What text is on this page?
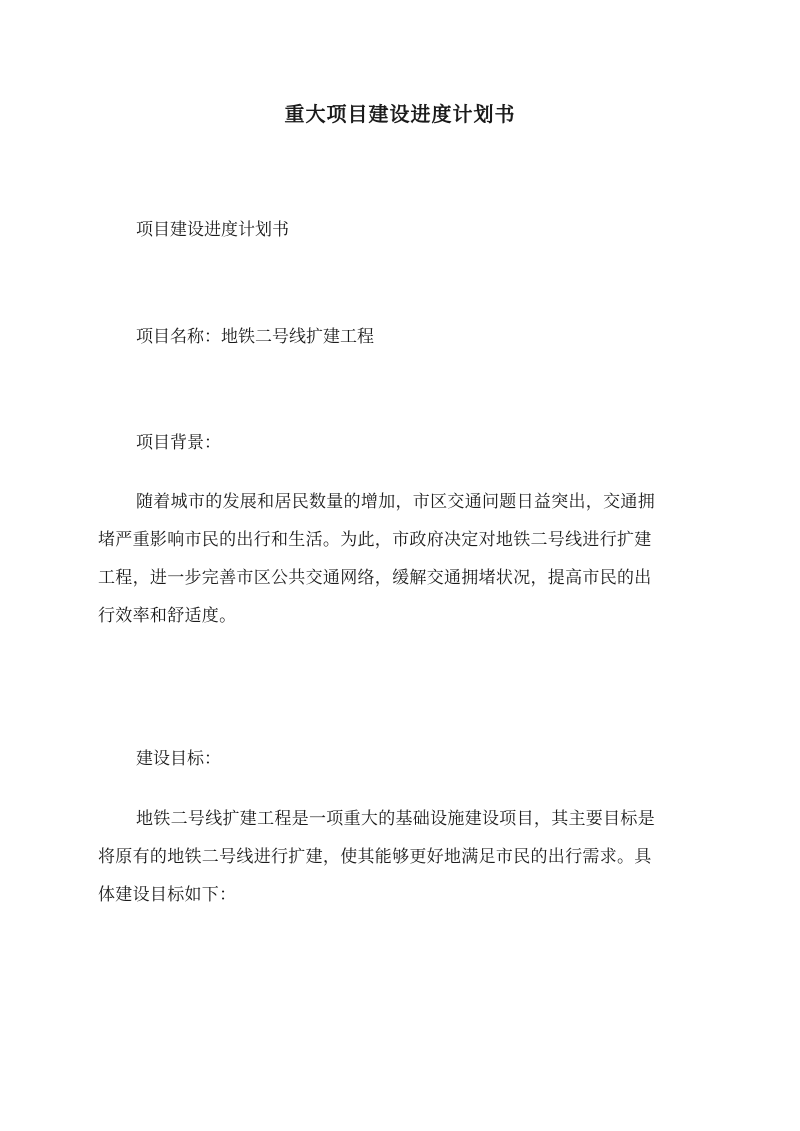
重大项目建设进度计划书

项目建设进度计划书

项目名称：地铁二号线扩建工程

项目背景：

随着城市的发展和居民数量的增加，市区交通问题日益突出，交通拥
堵严重影响市民的出行和生活。为此，市政府决定对地铁二号线进行扩建
工程，进一步完善市区公共交通网络，缓解交通拥堵状况，提高市民的出
行效率和舒适度。

建设目标：

地铁二号线扩建工程是一项重大的基础设施建设项目，其主要目标是
将原有的地铁二号线进行扩建，使其能够更好地满足市民的出行需求。具
体建设目标如下：
